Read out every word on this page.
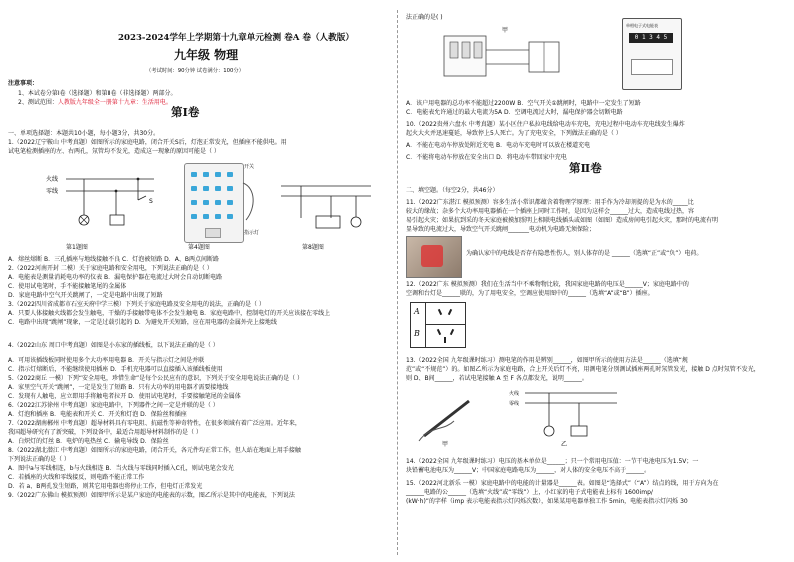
2023-2024学年上学期第十九章单元检测 卷A 卷（人教版）
九年级 物理
（考试时间：90分钟 试卷满分：100分）
注意事项：
1、本试卷分第Ⅰ卷（选择题）和第Ⅱ卷（非选择题）两部分。
2、测试范围：人教版九年级全一册第十九章：生活用电。
第Ⅰ卷
一、单项选择题：本题共10小题，每小题3分，共30分。
1.（2022辽宁鞍山 中考真题）如图所示的家庭电路，闭合开关S后，灯泡正常发光，但插座不能供电。用
试电笔检测插座的左、右两孔，氖管均不发光，造成这一现象的原因可能是（ ）
火线
零线
S
开关
指示灯
第1题图	第4题图	第8题图
A．熔丝熔断 B．三孔插座与地线接触不良 C．灯泡被短路 D．A、B两点间断路
2.（2022河南开封 二模）关于家庭电路和安全用电，下列说法正确的是（ ）
A．电能表是测量消耗电功率的仪表 B．漏电保护器在电流过大时会自动切断电路
C．使用试电笔时，手不能接触笔尾的金属体
D．家庭电路中空气开关跳闸了，一定是电路中出现了短路
3.（2022四川省成都市石室天府中学三模）下列关于家庭电路及安全用电的说法，正确的是（ ）
A．只要人体接触火线都会发生触电，干燥的手接触带电体不会发生触电 B．家庭电路中，控制电灯的开关应该接在零线上
C．电路中出现“跳闸”现象，一定是过载引起的 D．为避免开关短路，应在用电器的金属外壳上接地线
4.（2022山东 周口中考真题）如图是小东家的插线板，以下说法正确的是（ ）
A．可用该插线板同时使用多个大功率用电器 B．开关与指示灯之间是并联
C．指示灯熔断后，不能继续使用插座 D．手机充电器可以直接插入该插线板使用
5.（2022商丘 一模）下列“安全用电，珍惜生命”是每个公民应有的意识，下列关于安全用电说法正确的是（ ）
A．家里空气开关“跳闸”，一定是发生了短路 B．只有大功率的用电器才需要接地线
C．发现有人触电，应立即用手将触电者拉开 D．使用试电笔时，手要接触笔尾的金属体
6.（2022江苏徐州 中考真题）家庭电路中，下列器件之间一定是并联的是（ ）
A．灯泡和插座 B．电能表和开关 C．开关和灯泡 D．保险丝和插座
7.（2022湖南郴州 中考真题）超导材料具有零电阻、抗磁性等神奇特性，在很多领域有着广泛应用。近年来，
我国超导研究有了新突破，下列设备中，最适合用超导材料制作的是（ ）
A．白炽灯的灯丝 B．电炉的电热丝 C．输电导线 D．保险丝
8.（2022湖北潜江 中考真题）如图所示的家庭电路，闭合开关，各元件均正常工作，但人站在地面上用手接触
下列说法正确的是（ ）
A．图中a与零线相连，b与火线相连 B．当火线与零线同时插入C孔，则试电笔会发光
C．若插座的火线和零线接反，则电路不能正常工作
D．若 a、B两孔发生短路，则其它用电器也将停止工作，但电灯正常发光
9.（2022广东佛山 模拟预测）如图甲所示是某户家庭的电能表的示数，图乙所示是其中的电能表，下列说法
法正确的是( )
甲
单相电子式电能表
0 1 3 4 5
A．该户用电器的总功率不能超过2200W B．空气开关①跳闸时，电路中一定发生了短路
C．电能表允许通过的最大电流为5A D．空调电流过大时，漏电保护器会切断电路
10.（2022贵州六盘水 中考真题）某小区住户私拉电线给电动车充电，充电过程中电动车充电线发生爆炸
起火大火并迅速蔓延，导致停上5人死亡。为了充电安全，下列做法正确的是（ ）
A．不能在电动车停放处附近充电 B．电动车充电时可以放在楼道充电
C．不能将电动车停放在安全出口 D．将电动车带回家中充电
第Ⅱ卷
二、填空题。（每空2分，共46分）
11.（2022广东湛江 模拟预测）容多生活小常识都蕴含着物理学原理：用手作为冷却剂提的是为水的_____比
较大的缘故；杂多个大功率用电器插在一个插座上同时工作时，是因为这样会______过大，造成电线过热，容
易引起火灾；如果抗到采的冬天家庭被摸加照明上相联电线插头或如图（如图）造成房间电引起火灾，那时的电流有明
显导致的电流过大，导致空气开关跳闸_______电动机为电路无须保险；
为确认家中的电线是否存有隐患性伤人，别人体存的是 ______（选填“正”或“负”）电荷。
12.（2022广东 模拟预测）我们在生活当中不乘物物比较，我国家庭电路的电压是______V；家庭电路中的
空调和台灯是______联的，为了用电安全，空调应使用图中的______（选填“A”或“B”）插座。
A
B
13.（2022全国 九年级课时练习）测电笔的作用是辨别______，如图甲所示的使用方法是______（选填“规
范”或“不规范”）的。如图乙所示为家庭电路，合上开关后灯不亮，用测电笔分别测试插座两孔时氖管发光，接触 D 点时氖管不发光，
则 D、B间______，若试电笔接触 A 至 F 各点都发光，说明______。
甲
火线
零线
乙
14.（2022全国 九年级课时练习）电压的基本单位是______；只一个常用电压值：一节干电池电压为1.5V；一
块铅蓄电池电压为______V；中国家庭电路电压为______，对人体的安全电压不高于______。
15.（2022河北新乐 一模）家庭电路中的电能的计量器是______表。如图是“选择式”（“A”）结点的线，用于方向为在
______电路的公______（选填“火线”或“零线”）上，小红家的电子式电能表上标有 1600imp/
(kW·h)”的字样（imp 表示电能表指示灯闪烁次数），如果某用电器单独工作 5min，电能表指示灯闪烁 30
